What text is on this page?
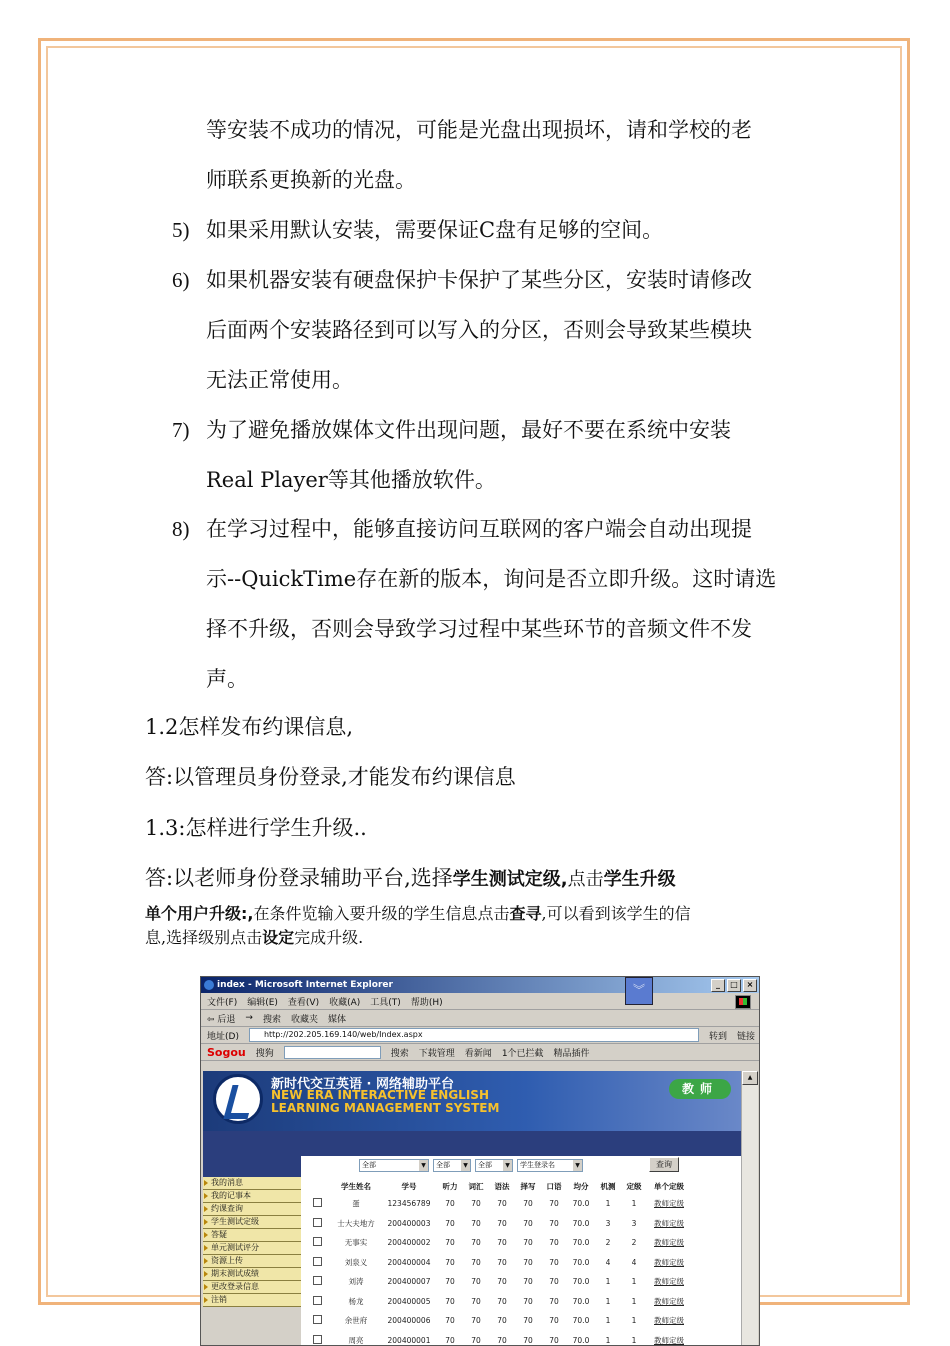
等安装不成功的情况，可能是光盘出现损坏，请和学校的老
师联系更换新的光盘。
5) 如果采用默认安装，需要保证C盘有足够的空间。
6) 如果机器安装有硬盘保护卡保护了某些分区，安装时请修改
后面两个安装路径到可以写入的分区，否则会导致某些模块
无法正常使用。
7) 为了避免播放媒体文件出现问题，最好不要在系统中安装
Real Player等其他播放软件。
8) 在学习过程中，能够直接访问互联网的客户端会自动出现提
示--QuickTime存在新的版本，询问是否立即升级。这时请选
择不升级，否则会导致学习过程中某些环节的音频文件不发
声。
1.2怎样发布约课信息,
答:以管理员身份登录,才能发布约课信息
1.3:怎样进行学生升级..
答:以老师身份登录辅助平台,选择学生测试定级,点击学生升级
单个用户升级:,在条件览输入要升级的学生信息点击查寻,可以看到该学生的信
息,选择级别点击设定完成升级.
index - Microsoft Internet Explorer	_	□	×
文件(F) 编辑(E) 查看(V) 收藏(A) 工具(T) 帮助(H)
︾
⇦ 后退 → 搜索 收藏夹 媒体
地址(D)	http://202.205.169.140/web/Index.aspx	转到 链接
Sogou 搜狗	搜索 下载管理 看新闻 1个已拦截 精品插件
新时代交互英语 · 网络辅助平台
NEW ERA INTERACTIVE ENGLISH
LEARNING MANAGEMENT SYSTEM
教师
我的消息
我的记事本
约课查询
学生测试定级
答疑
单元测试评分
资源上传
期末测试成绩
更改登录信息
注销
全部 ▼	全部 ▼	全部 ▼	学生登录名 ▼	查询
	学生姓名	学号	听力	词汇	语法	择写	口语	均分	机测	定级	单个定级
	蛋	123456789	70	70	70	70	70	70.0	1	1	教师定级
	士大夫地方	200400003	70	70	70	70	70	70.0	3	3	教师定级
	无事实	200400002	70	70	70	70	70	70.0	2	2	教师定级
	刘泉义	200400004	70	70	70	70	70	70.0	4	4	教师定级
	刘涛	200400007	70	70	70	70	70	70.0	1	1	教师定级
	杨龙	200400005	70	70	70	70	70	70.0	1	1	教师定级
	余世府	200400006	70	70	70	70	70	70.0	1	1	教师定级
	周亮	200400001	70	70	70	70	70	70.0	1	1	教师定级
▲
